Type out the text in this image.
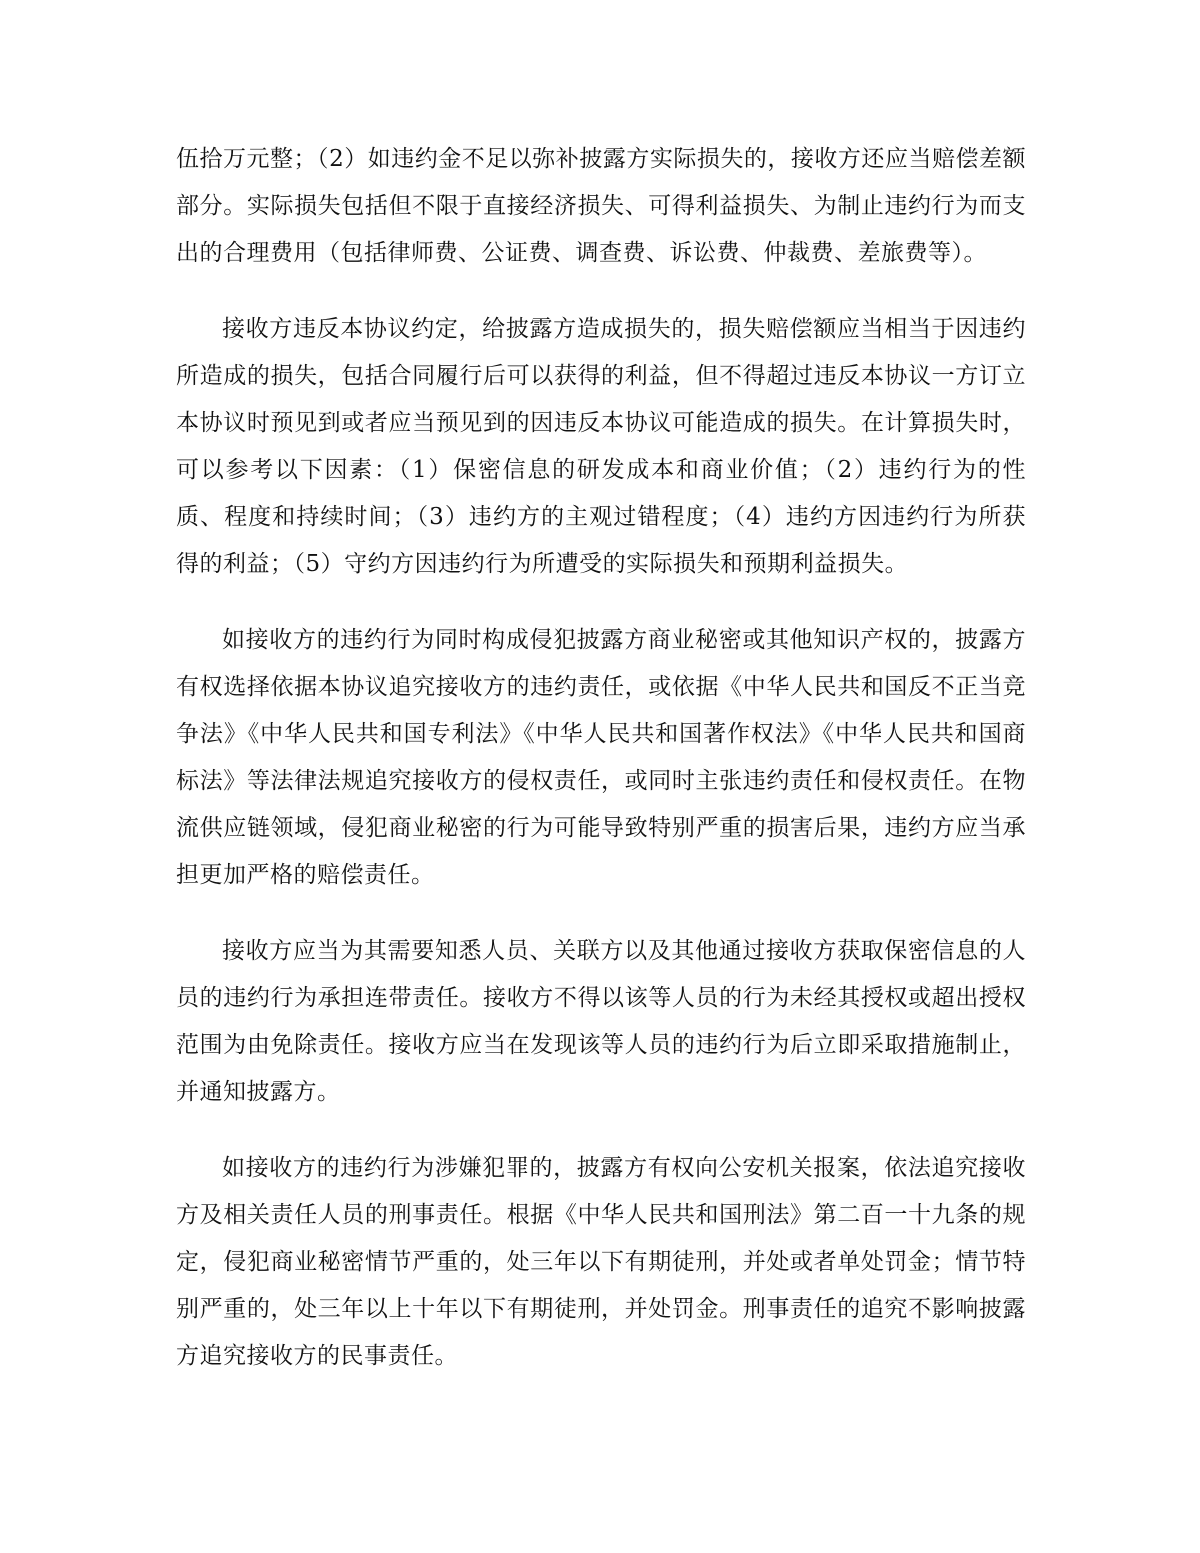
伍拾万元整；（2）如违约金不足以弥补披露方实际损失的，接收方还应当赔偿差额部分。实际损失包括但不限于直接经济损失、可得利益损失、为制止违约行为而支出的合理费用（包括律师费、公证费、调查费、诉讼费、仲裁费、差旅费等）。

接收方违反本协议约定，给披露方造成损失的，损失赔偿额应当相当于因违约所造成的损失，包括合同履行后可以获得的利益，但不得超过违反本协议一方订立本协议时预见到或者应当预见到的因违反本协议可能造成的损失。在计算损失时，可以参考以下因素：（1）保密信息的研发成本和商业价值；（2）违约行为的性质、程度和持续时间；（3）违约方的主观过错程度；（4）违约方因违约行为所获得的利益；（5）守约方因违约行为所遭受的实际损失和预期利益损失。

如接收方的违约行为同时构成侵犯披露方商业秘密或其他知识产权的，披露方有权选择依据本协议追究接收方的违约责任，或依据《中华人民共和国反不正当竞争法》《中华人民共和国专利法》《中华人民共和国著作权法》《中华人民共和国商标法》等法律法规追究接收方的侵权责任，或同时主张违约责任和侵权责任。在物流供应链领域，侵犯商业秘密的行为可能导致特别严重的损害后果，违约方应当承担更加严格的赔偿责任。

接收方应当为其需要知悉人员、关联方以及其他通过接收方获取保密信息的人员的违约行为承担连带责任。接收方不得以该等人员的行为未经其授权或超出授权范围为由免除责任。接收方应当在发现该等人员的违约行为后立即采取措施制止，并通知披露方。

如接收方的违约行为涉嫌犯罪的，披露方有权向公安机关报案，依法追究接收方及相关责任人员的刑事责任。根据《中华人民共和国刑法》第二百一十九条的规定，侵犯商业秘密情节严重的，处三年以下有期徒刑，并处或者单处罚金；情节特别严重的，处三年以上十年以下有期徒刑，并处罚金。刑事责任的追究不影响披露方追究接收方的民事责任。
